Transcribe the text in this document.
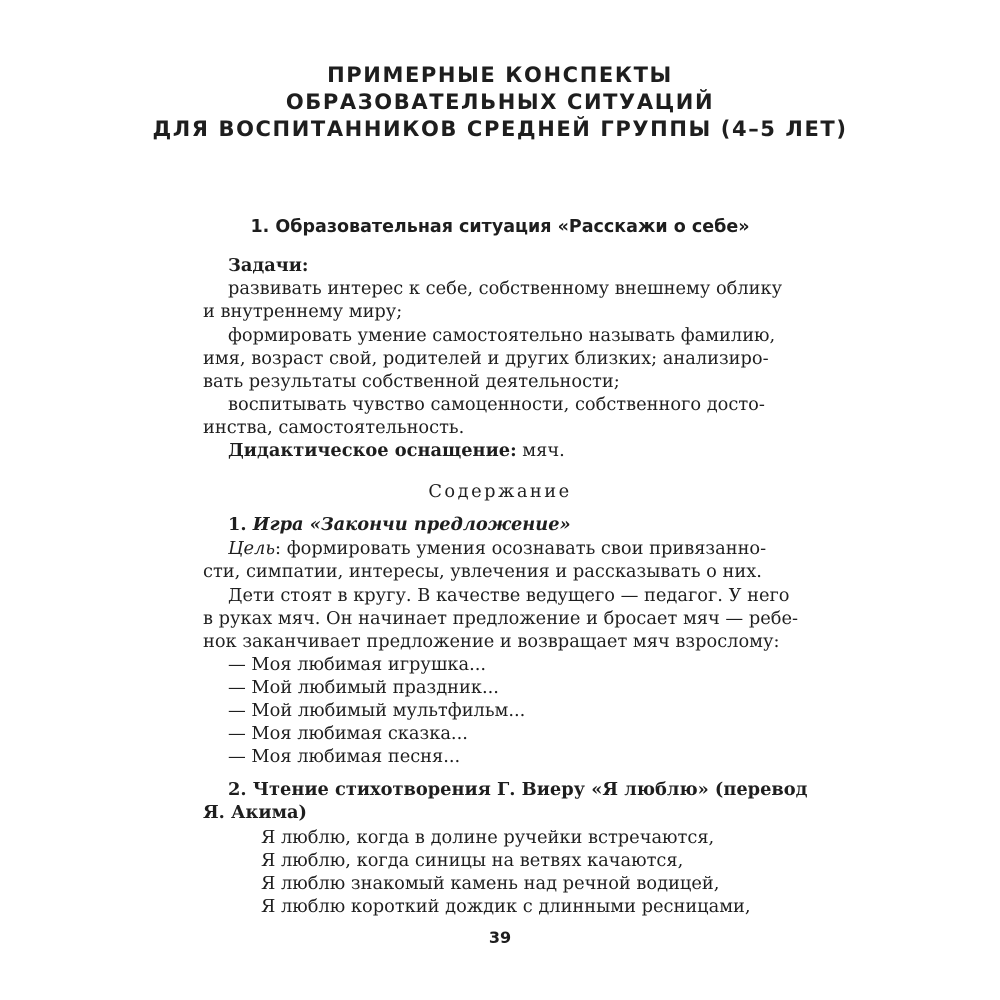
ПРИМЕРНЫЕ КОНСПЕКТЫ
ОБРАЗОВАТЕЛЬНЫХ СИТУАЦИЙ
ДЛЯ ВОСПИТАННИКОВ СРЕДНЕЙ ГРУППЫ (4–5 ЛЕТ)
1. Образовательная ситуация «Расскажи о себе»
Задачи:
развивать интерес к себе, собственному внешнему облику
и внутреннему миру;
формировать умение самостоятельно называть фамилию,
имя, возраст свой, родителей и других близких; анализиро-
вать результаты собственной деятельности;
воспитывать чувство самоценности, собственного досто-
инства, самостоятельность.
Дидактическое оснащение: мяч.
Содержание
1. Игра «Закончи предложение»
Цель: формировать умения осознавать свои привязанно-
сти, симпатии, интересы, увлечения и рассказывать о них.
Дети стоят в кругу. В качестве ведущего — педагог. У него
в руках мяч. Он начинает предложение и бросает мяч — ребе-
нок заканчивает предложение и возвращает мяч взрослому:
— Моя любимая игрушка...
— Мой любимый праздник...
— Мой любимый мультфильм...
— Моя любимая сказка...
— Моя любимая песня...
2. Чтение стихотворения Г. Виеру «Я люблю» (перевод
Я. Акима)
Я люблю, когда в долине ручейки встречаются,
Я люблю, когда синицы на ветвях качаются,
Я люблю знакомый камень над речной водицей,
Я люблю короткий дождик с длинными ресницами,
39
